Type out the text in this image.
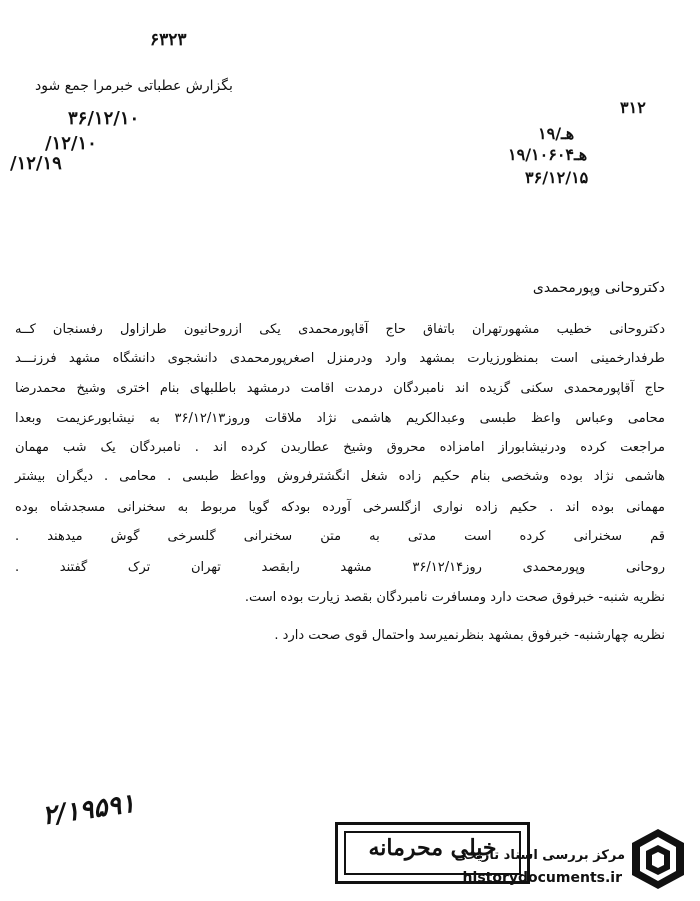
۶۳۲۳
بگزارش عطباتی خبرمرا جمع شود
۳۶/۱۲/۱۰
/۱۲/۱۰
/۱۲/۱۹
۳۱۲
۱هـ/۹
۱هـ۹/۱۰۶۰۴
۳۶/۱۲/۱۵
دکتروحانی وپورمحمدی
دکتروحانی خطیب مشهورتهران باتفاق حاج آقاپورمحمدی یکی ازروحانیون طرازاول رفسنجان کــه
طرفدارخمینی است بمنظورزیارت بمشهد وارد ودرمنزل اصغرپورمحمدی دانشجوی دانشگاه مشهد فرزنـــد
حاج آقاپورمحمدی سکنی گزیده اند نامبردگان درمدت اقامت درمشهد باطلبهای بنام اختری وشیخ محمدرضا
محامی وعباس واعظ طبسی وعبدالکریم هاشمی نژاد ملاقات وروز۳۶/۱۲/۱۳ به نیشابورعزیمت وبعدا
مراجعت کرده ودرنیشابوراز امامزاده محروق وشیخ عطاربدن کرده اند . نامبردگان یک شب مهمان
هاشمی نژاد بوده وشخصی بنام حکیم زاده شغل انگشترفروش وواعظ طبسی . محامی . دیگران بیشتر
مهمانی بوده اند . حکیم زاده نواری ازگلسرخی آورده بودکه گویا مربوط به سخنرانی مسجدشاه بوده
قم سخنرانی کرده است مدتی به متن سخنرانی گلسرخی گوش میدهند .
روحانی وپورمحمدی روز۳۶/۱۲/۱۴ مشهد رابقصد تهران ترک گفتند .
نظریه شنبه- خبرفوق صحت دارد ومسافرت نامبردگان بقصد زیارت بوده است.
نظریه چهارشنبه- خبرفوق بمشهد بنظرنمیرسد واحتمال قوی صحت دارد .
۲/۱۹۵۹۱
خیلی محرمانه
مرکز بررسی اسناد تاریخی
historydocuments.ir
